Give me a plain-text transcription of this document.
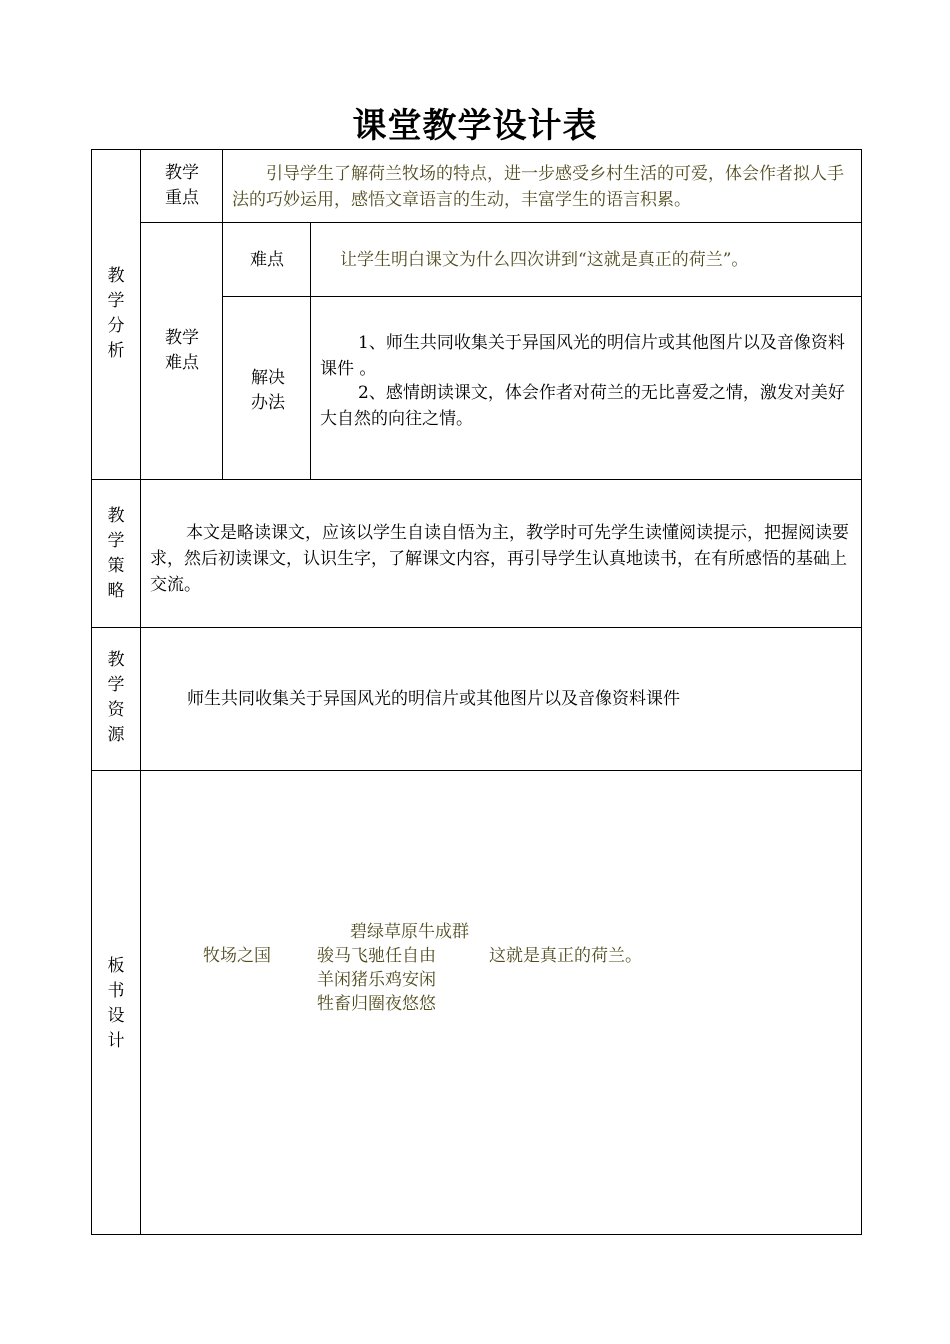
课堂教学设计表
教学分析
教学重点
引导学生了解荷兰牧场的特点，进一步感受乡村生活的可爱，体会作者拟人手法的巧妙运用，感悟文章语言的生动，丰富学生的语言积累。
教学难点
难点	让学生明白课文为什么四次讲到“这就是真正的荷兰”。
解决办法
1、师生共同收集关于异国风光的明信片或其他图片以及音像资料课件 。
2、感情朗读课文，体会作者对荷兰的无比喜爱之情，激发对美好大自然的向往之情。
教学策略
本文是略读课文，应该以学生自读自悟为主，教学时可先学生读懂阅读提示，把握阅读要求，然后初读课文，认识生字，了解课文内容，再引导学生认真地读书，在有所感悟的基础上交流。
教学资源
师生共同收集关于异国风光的明信片或其他图片以及音像资料课件
板书设计
牧场之国
碧绿草原牛成群
骏马飞驰任自由
羊闲猪乐鸡安闲
牲畜归圈夜悠悠
这就是真正的荷兰。
